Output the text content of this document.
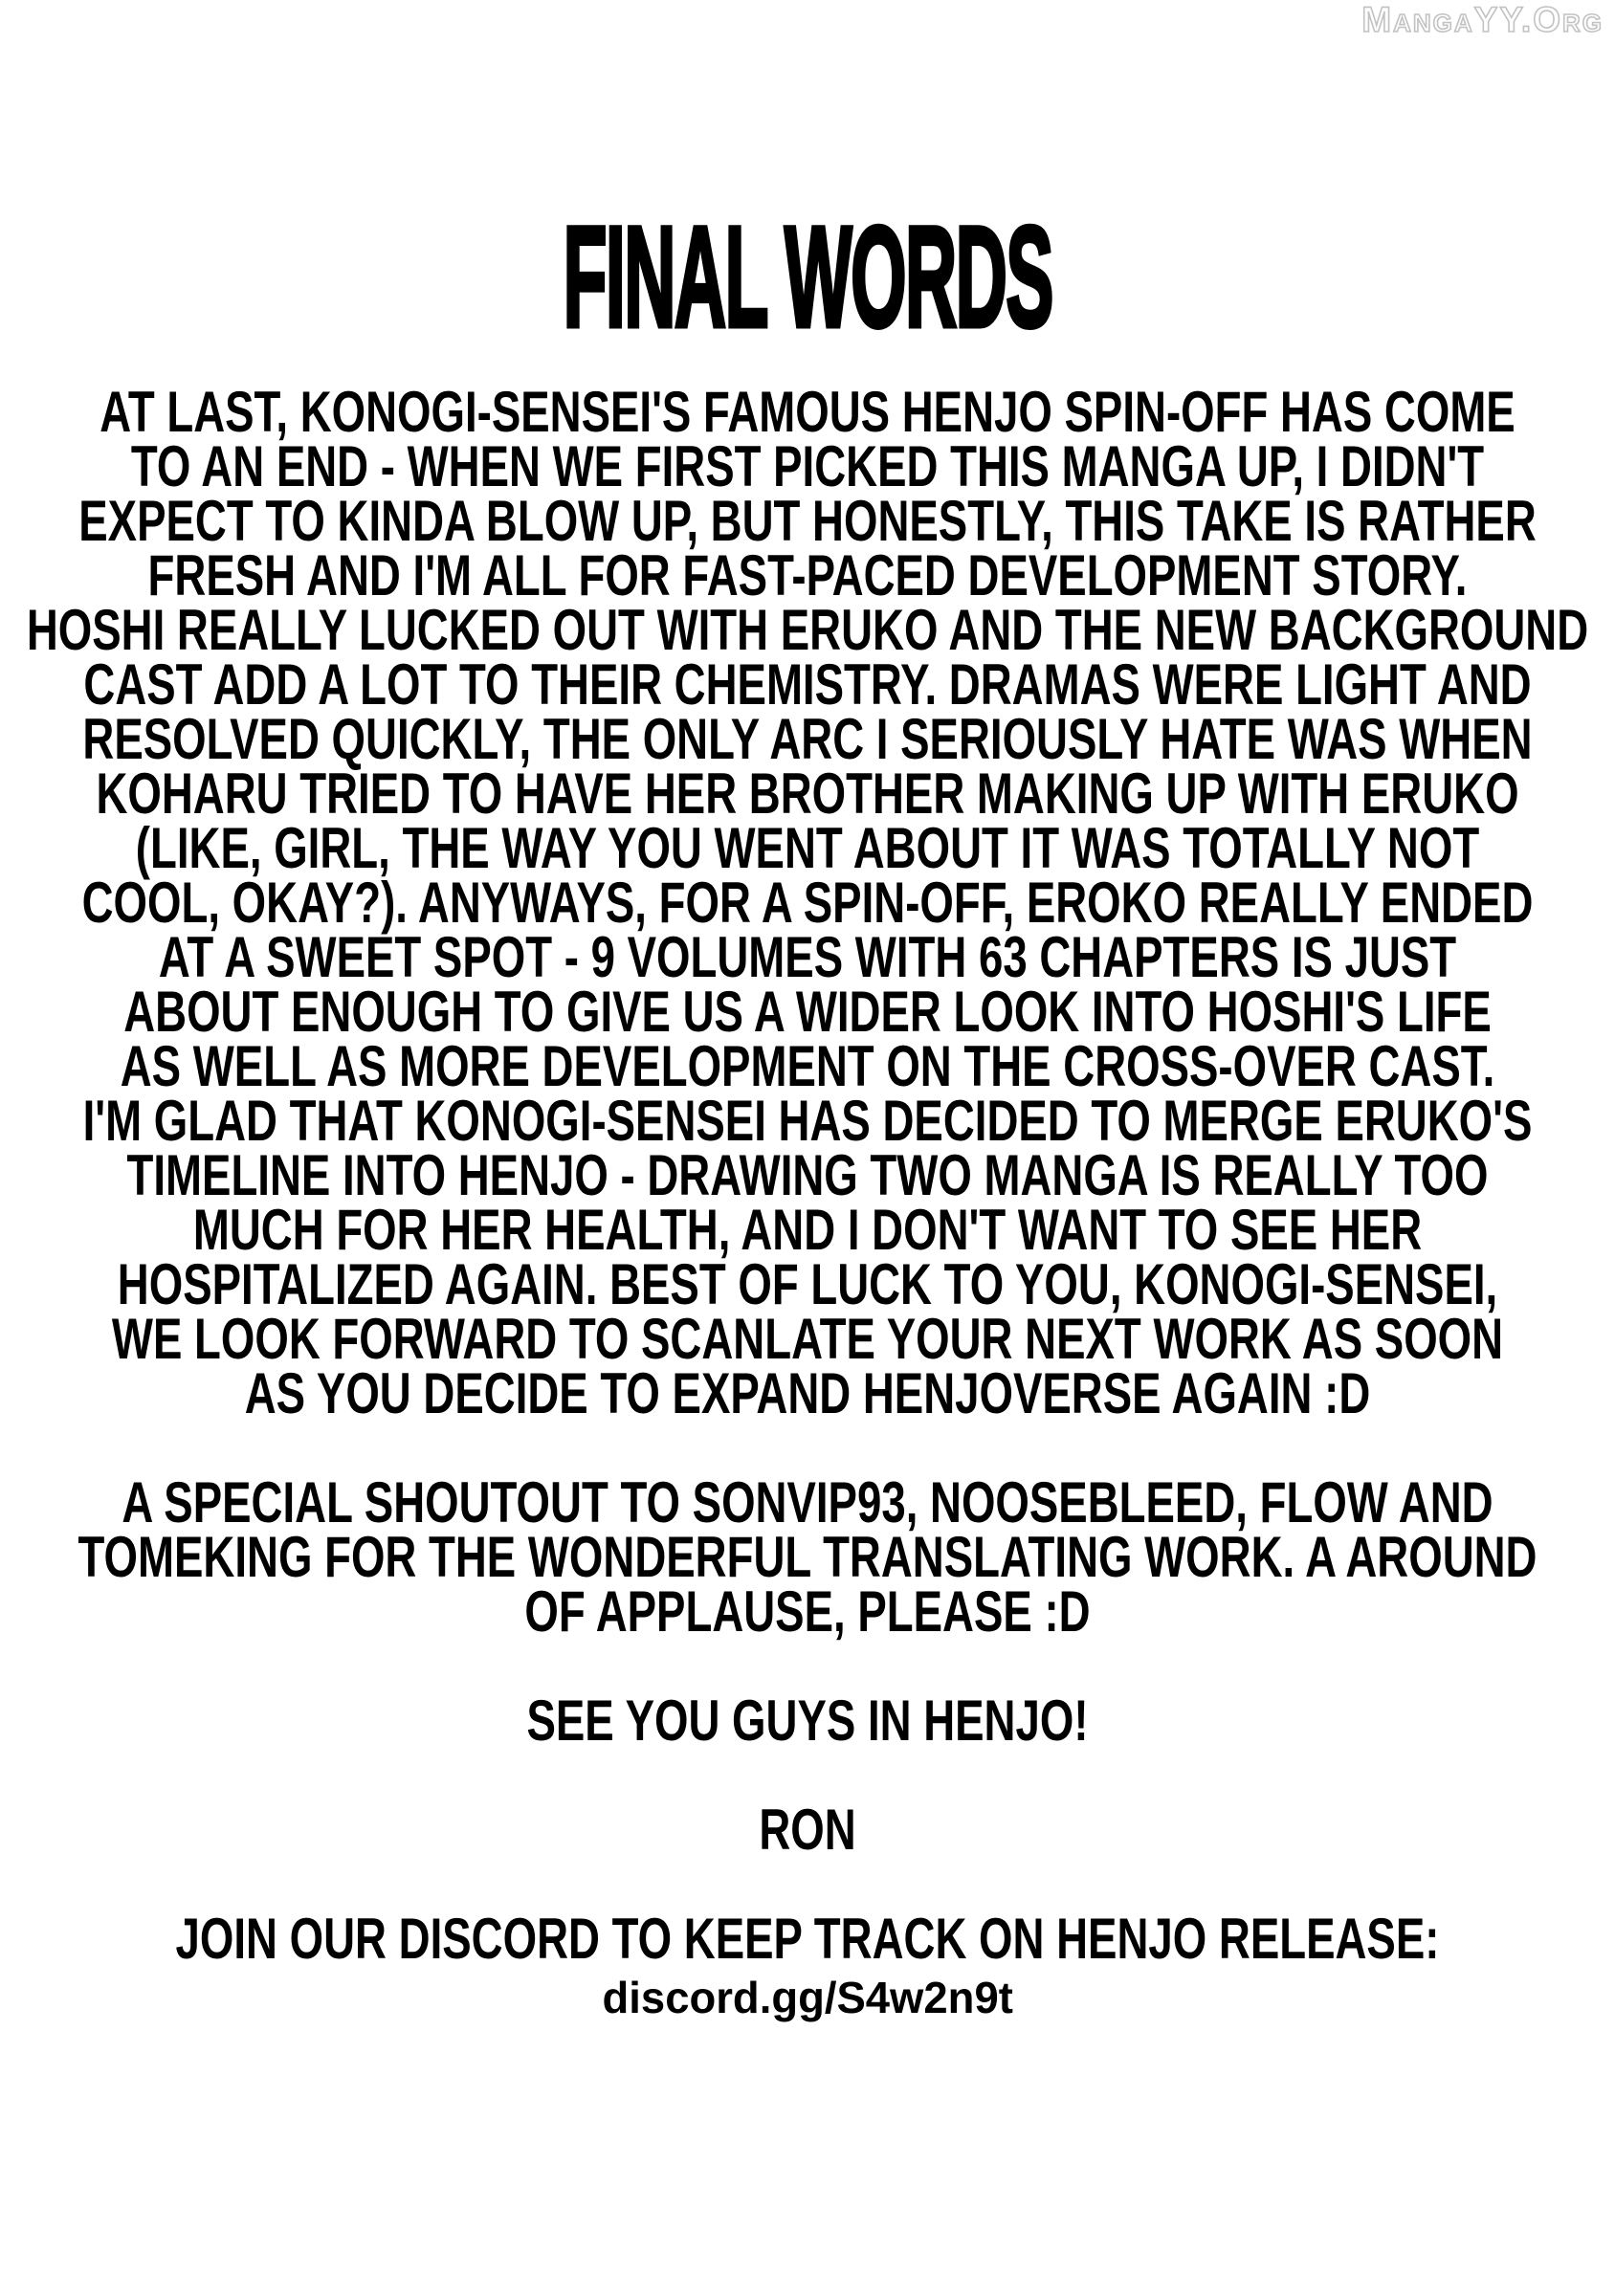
MangaYY.Org
FINAL WORDS
AT LAST, KONOGI-SENSEI'S FAMOUS HENJO SPIN-OFF HAS COME
TO AN END - WHEN WE FIRST PICKED THIS MANGA UP, I DIDN'T
EXPECT TO KINDA BLOW UP, BUT HONESTLY, THIS TAKE IS RATHER
FRESH AND I'M ALL FOR FAST-PACED DEVELOPMENT STORY.
HOSHI REALLY LUCKED OUT WITH ERUKO AND THE NEW BACKGROUND
CAST ADD A LOT TO THEIR CHEMISTRY. DRAMAS WERE LIGHT AND
RESOLVED QUICKLY, THE ONLY ARC I SERIOUSLY HATE WAS WHEN
KOHARU TRIED TO HAVE HER BROTHER MAKING UP WITH ERUKO
(LIKE, GIRL, THE WAY YOU WENT ABOUT IT WAS TOTALLY NOT
COOL, OKAY?). ANYWAYS, FOR A SPIN-OFF, EROKO REALLY ENDED
AT A SWEET SPOT - 9 VOLUMES WITH 63 CHAPTERS IS JUST
ABOUT ENOUGH TO GIVE US A WIDER LOOK INTO HOSHI'S LIFE
AS WELL AS MORE DEVELOPMENT ON THE CROSS-OVER CAST.
I'M GLAD THAT KONOGI-SENSEI HAS DECIDED TO MERGE ERUKO'S
TIMELINE INTO HENJO - DRAWING TWO MANGA IS REALLY TOO
MUCH FOR HER HEALTH, AND I DON'T WANT TO SEE HER
HOSPITALIZED AGAIN. BEST OF LUCK TO YOU, KONOGI-SENSEI,
WE LOOK FORWARD TO SCANLATE YOUR NEXT WORK AS SOON
AS YOU DECIDE TO EXPAND HENJOVERSE AGAIN :D
A SPECIAL SHOUTOUT TO SONVIP93, NOOSEBLEED, FLOW AND
TOMEKING FOR THE WONDERFUL TRANSLATING WORK. A AROUND
OF APPLAUSE, PLEASE :D
SEE YOU GUYS IN HENJO!
RON
JOIN OUR DISCORD TO KEEP TRACK ON HENJO RELEASE:
discord.gg/S4w2n9t
